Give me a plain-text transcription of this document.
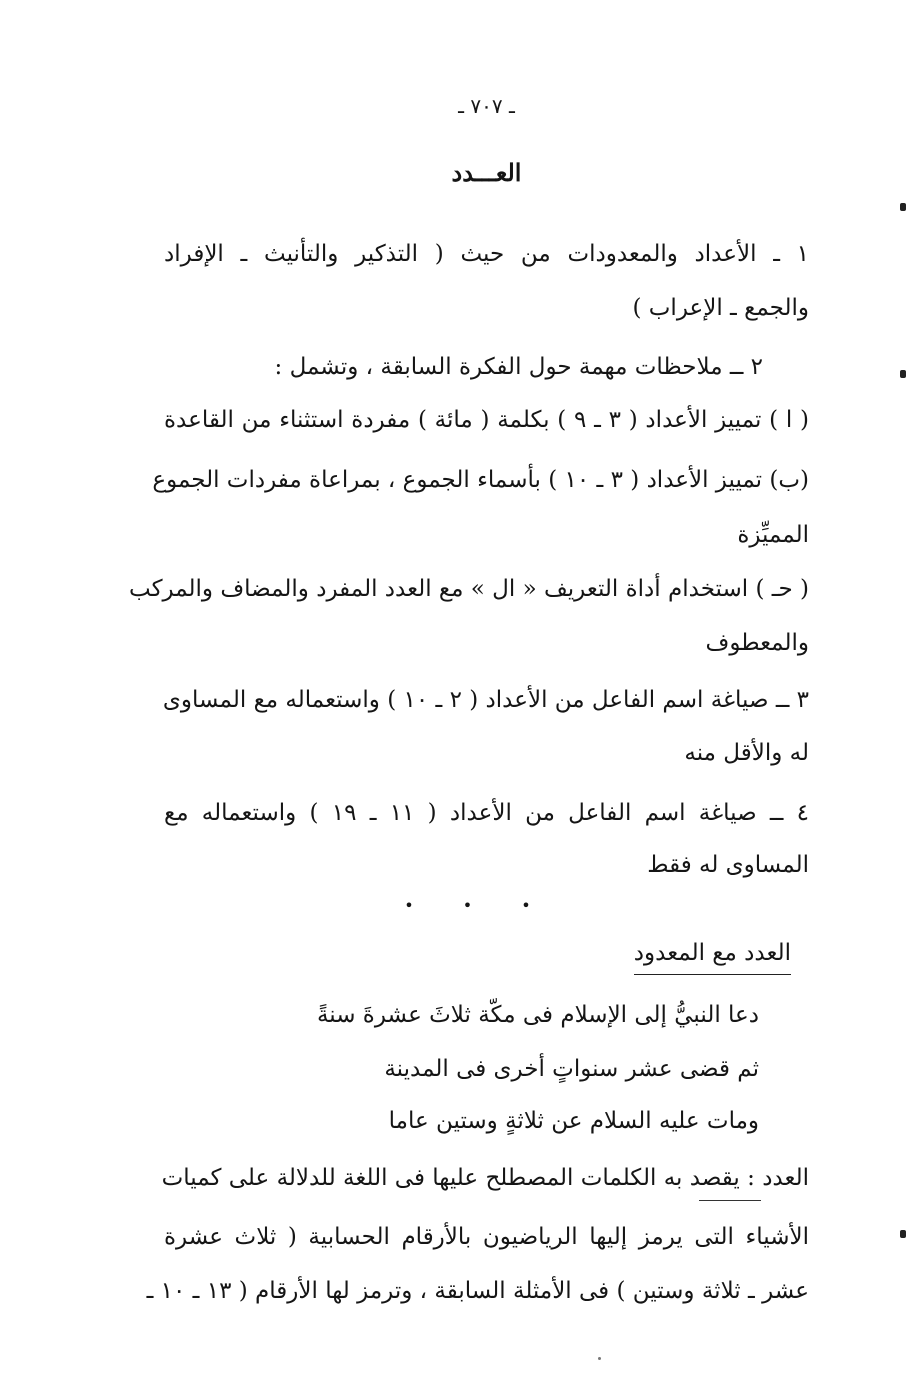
ـ ٧٠٧ ـ
العـــدد
١ ـ الأعداد والمعدودات من حيث ( التذكير والتأنيث ـ الإفراد
والجمع ـ الإعراب )
٢ ــ ملاحظات مهمة حول الفكرة السابقة ، وتشمل :
( ا ) تمييز الأعداد ( ٣ ـ ٩ ) بكلمة ( مائة ) مفردة استثناء من القاعدة
(ب) تمييز الأعداد ( ٣ ـ ١٠ ) بأسماء الجموع ، بمراعاة مفردات الجموع
المميِّزة
( حـ ) استخدام أداة التعريف « ال » مع العدد المفرد والمضاف والمركب
والمعطوف
٣ ــ صياغة اسم الفاعل من الأعداد ( ٢ ـ ١٠ ) واستعماله مع المساوى
له والأقل منه
٤ ــ صياغة اسم الفاعل من الأعداد ( ١١ ـ ١٩ ) واستعماله مع
المساوى له فقط
• • •
العدد مع المعدود
دعا النبيُّ إلى الإسلام فى مكّة ثلاثَ عشرةَ سنةً
ثم قضى عشر سنواتٍ أخرى فى المدينة
ومات عليه السلام عن ثلاثةٍ وستين عاما
العدد : يقصد به الكلمات المصطلح عليها فى اللغة للدلالة على كميات
الأشياء التى يرمز إليها الرياضيون بالأرقام الحسابية ( ثلاث عشرة
عشر ـ ثلاثة وستين ) فى الأمثلة السابقة ، وترمز لها الأرقام ( ١٣ ـ ١٠ ـ
